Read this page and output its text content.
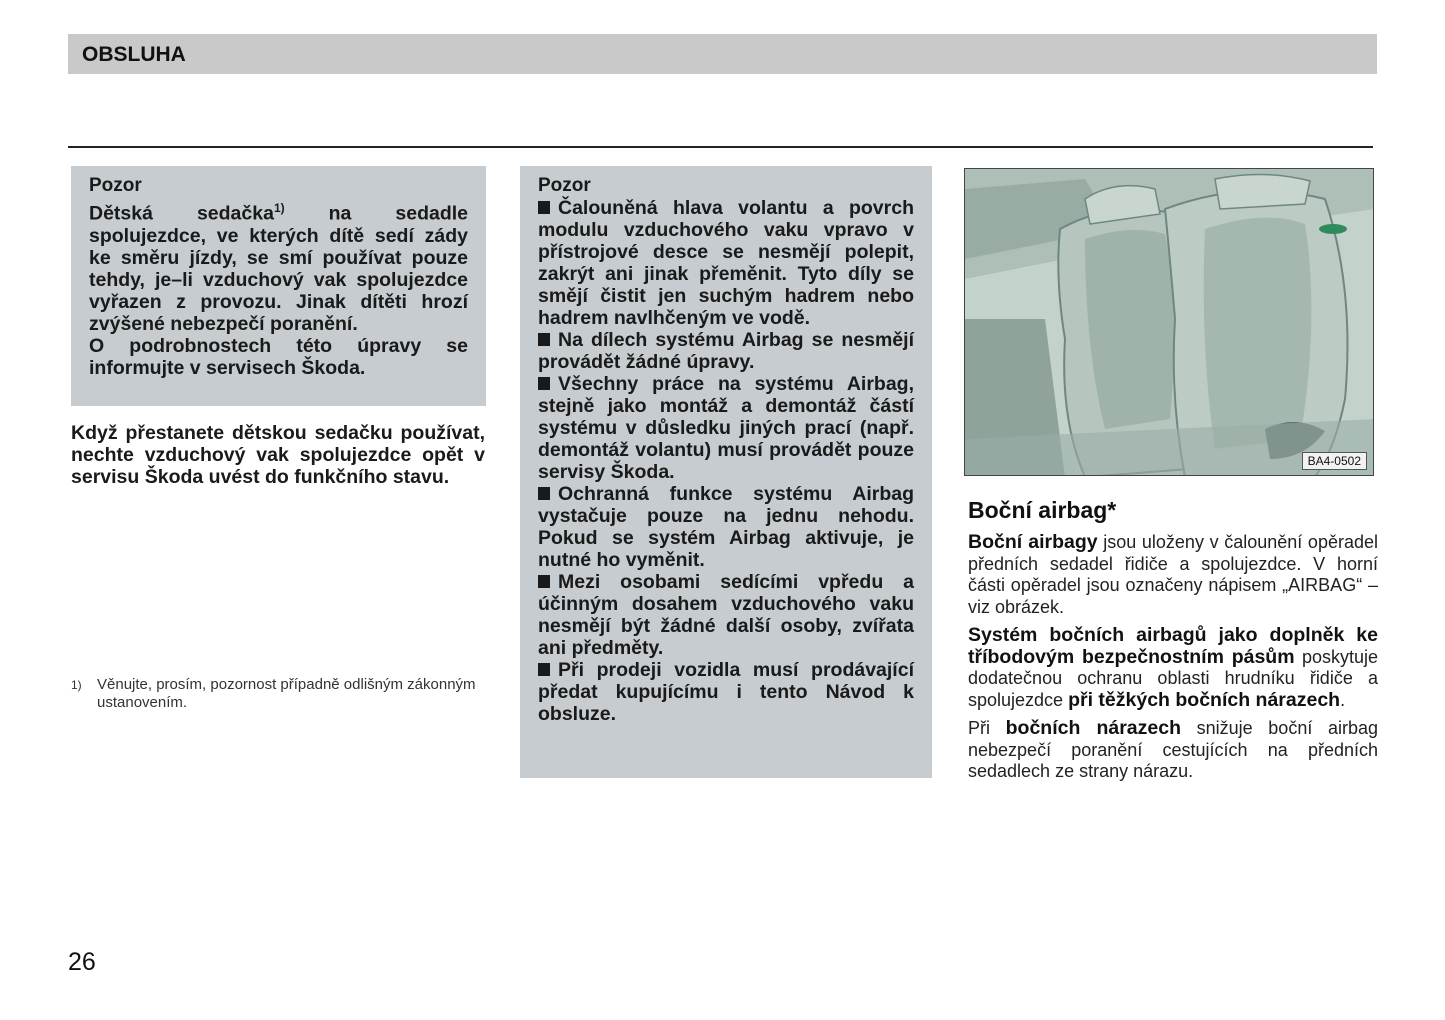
OBSLUHA
Pozor

Dětská sedačka$^{1)}$ na sedadle spolujezdce, ve kterých dítě sedí zády ke směru jízdy, se smí používat pouze tehdy, je–li vzduchový vak spolujezdce vyřazen z provozu. Jinak dítěti hrozí zvýšené nebezpečí poranění.

O podrobnostech této úpravy se informujte v servisech Škoda.

Když přestanete dětskou sedačku používat, nechte vzduchový vak spolujezdce opět v servisu Škoda uvést do funkčního stavu.

1)	Věnujte, prosím, pozornost případně odlišným zákonným ustanovením.
Pozor

Čalouněná hlava volantu a povrch modulu vzduchového vaku vpravo v přístrojové desce se nesmějí polepit, zakrýt ani jinak přeměnit. Tyto díly se smějí čistit jen suchým hadrem nebo hadrem navlhčeným ve vodě.

Na dílech systému Airbag se nesmějí provádět žádné úpravy.

Všechny práce na systému Airbag, stejně jako montáž a demontáž částí systému v důsledku jiných prací (např. demontáž volantu) musí provádět pouze servisy Škoda.

Ochranná funkce systému Airbag vystačuje pouze na jednu nehodu. Pokud se systém Airbag aktivuje, je nutné ho vyměnit.

Mezi osobami sedícími vpředu a účinným dosahem vzduchového vaku nesmějí být žádné další osoby, zvířata ani předměty.

Při prodeji vozidla musí prodávající předat kupujícímu i tento Návod k obsluze.

BA4-0502
Boční airbag*

Boční airbagy jsou uloženy v čalounění opěradel předních sedadel řidiče a spolujezdce. V horní části opěradel jsou označeny nápisem „AIRBAG“ – viz obrázek.

Systém bočních airbagů jako doplněk ke tříbodovým bezpečnostním pásům poskytuje dodatečnou ochranu oblasti hrudníku řidiče a spolujezdce při těžkých bočních nárazech.

Při bočních nárazech snižuje boční airbag nebezpečí poranění cestujících na předních sedadlech ze strany nárazu.

26
